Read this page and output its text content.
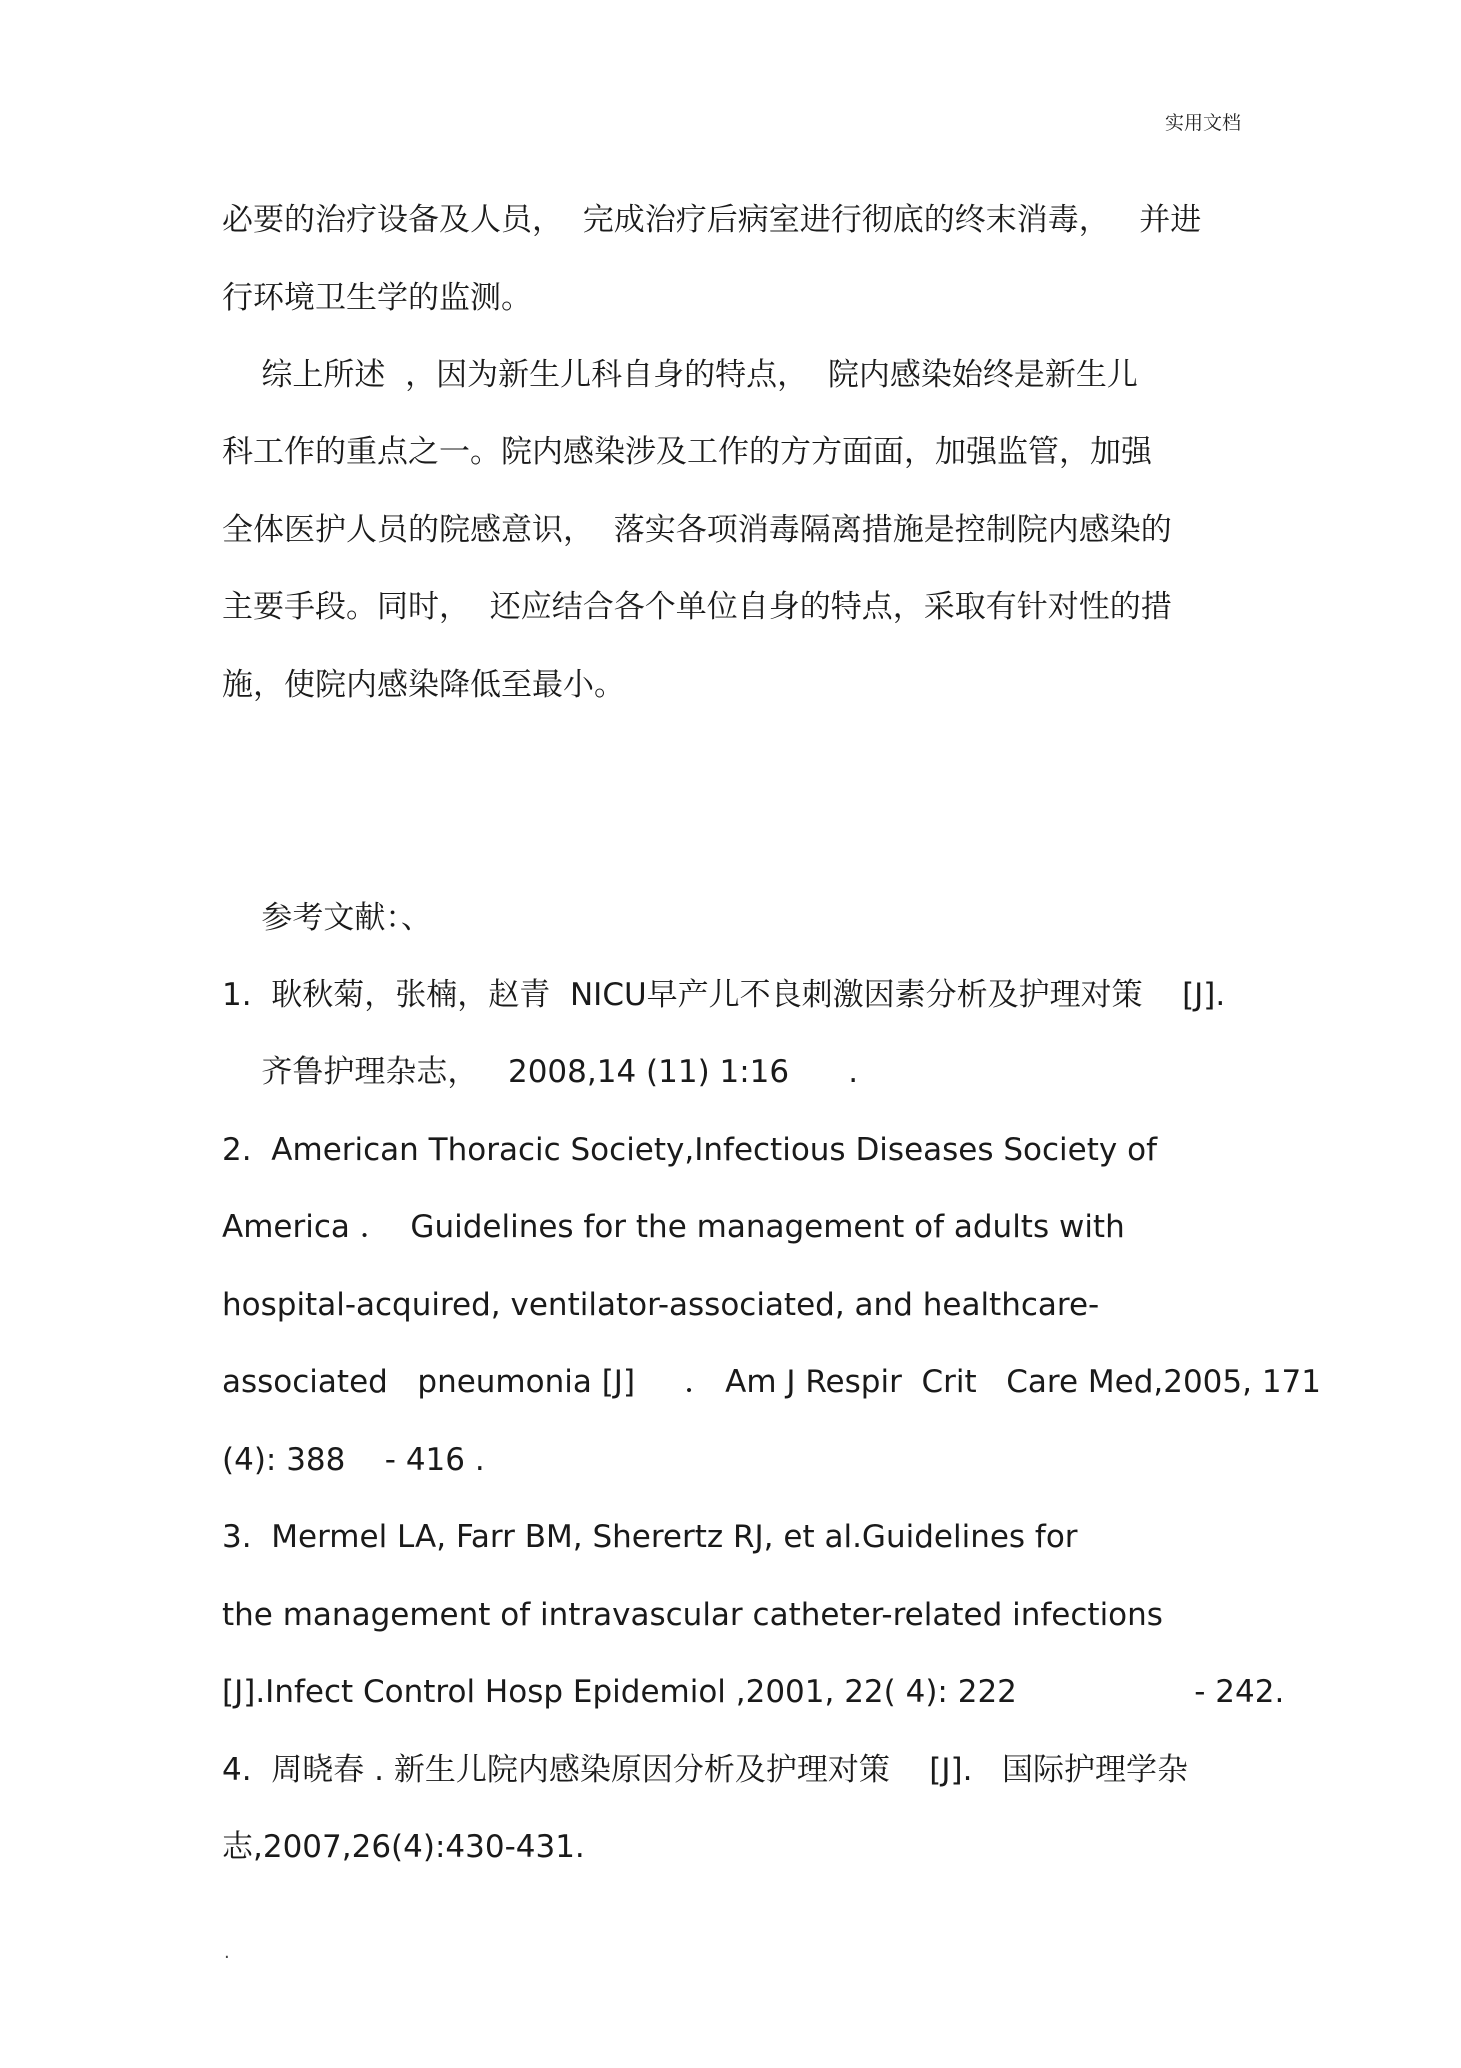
实用文档
必要的治疗设备及人员，  完成治疗后病室进行彻底的终末消毒，   并进
行环境卫生学的监测。
综上所述  ，因为新生儿科自身的特点，  院内感染始终是新生儿
科工作的重点之一。院内感染涉及工作的方方面面，加强监管，加强
全体医护人员的院感意识，  落实各项消毒隔离措施是控制院内感染的
主要手段。同时，  还应结合各个单位自身的特点，采取有针对性的措
施，使院内感染降低至最小。
参考文献：、
1.  耿秋菊，张楠，赵青  NICU早产儿不良刺激因素分析及护理对策    [J].
齐鲁护理杂志，   2008,14 (11) 1:16      .
2.  American Thoracic Society,Infectious Diseases Society of
America ．  Guidelines for the management of adults with
hospital-acquired, ventilator-associated, and healthcare-
associated   pneumonia [J]     ． Am J Respir  Crit   Care Med,2005, 171
(4): 388    - 416 .
3.  Mermel LA, Farr BM, Sherertz RJ, et al.Guidelines for
the management of intravascular catheter-related infections
[J].Infect Control Hosp Epidemiol ,2001, 22( 4): 222                  - 242.
4.  周晓春 . 新生儿院内感染原因分析及护理对策    [J].   国际护理学杂
志,2007,26(4):430-431.
.
